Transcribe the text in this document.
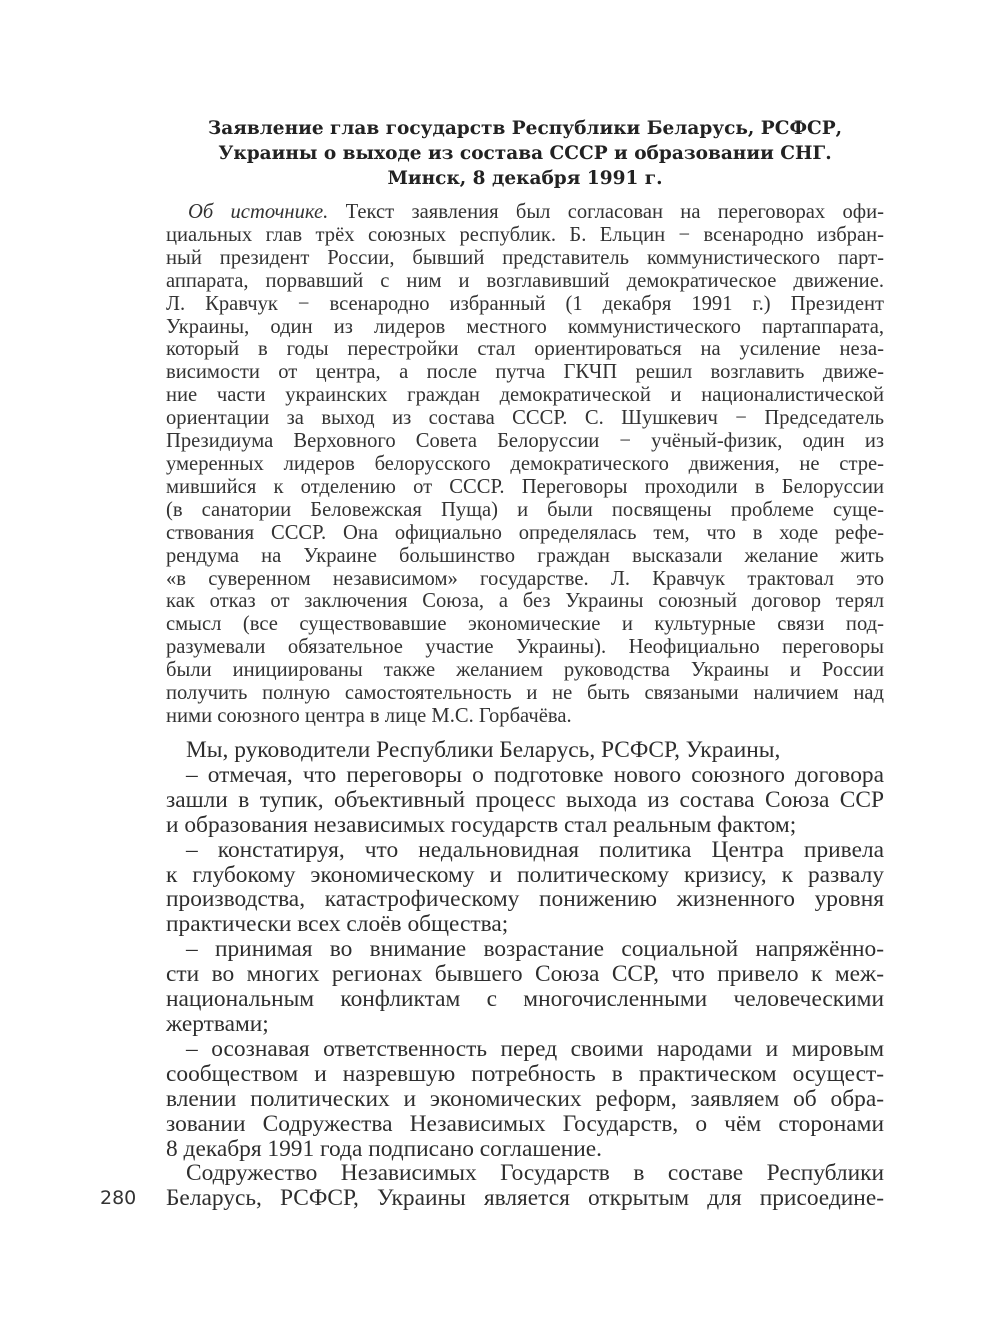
Заявление глав государств Республики Беларусь, РСФСР,
Украины о выходе из состава СССР и образовании СНГ.
Минск, 8 декабря 1991 г.
Об источнике. Текст заявления был согласован на переговорах офи-
циальных глав трёх союзных республик. Б. Ельцин − всенародно избран-
ный президент России, бывший представитель коммунистического парт-
аппарата, порвавший с ним и возглавивший демократическое движение.
Л. Кравчук − всенародно избранный (1 декабря 1991 г.) Президент
Украины, один из лидеров местного коммунистического партаппарата,
который в годы перестройки стал ориентироваться на усиление неза-
висимости от центра, а после путча ГКЧП решил возглавить движе-
ние части украинских граждан демократической и националистической
ориентации за выход из состава СССР. С. Шушкевич − Председатель
Президиума Верховного Совета Белоруссии − учёный-физик, один из
умеренных лидеров белорусского демократического движения, не стре-
мившийся к отделению от СССР. Переговоры проходили в Белоруссии
(в санатории Беловежская Пуща) и были посвящены проблеме суще-
ствования СССР. Она официально определялась тем, что в ходе рефе-
рендума на Украине большинство граждан высказали желание жить
«в суверенном независимом» государстве. Л. Кравчук трактовал это
как отказ от заключения Союза, а без Украины союзный договор терял
смысл (все существовавшие экономические и культурные связи под-
разумевали обязательное участие Украины). Неофициально переговоры
были инициированы также желанием руководства Украины и России
получить полную самостоятельность и не быть связаными наличием над
ними союзного центра в лице М.С. Горбачёва.
Мы, руководители Республики Беларусь, РСФСР, Украины,
– отмечая, что переговоры о подготовке нового союзного договора
зашли в тупик, объективный процесс выхода из состава Союза ССР
и образования независимых государств стал реальным фактом;
– констатируя, что недальновидная политика Центра привела
к глубокому экономическому и политическому кризису, к развалу
производства, катастрофическому понижению жизненного уровня
практически всех слоёв общества;
– принимая во внимание возрастание социальной напряжённо-
сти во многих регионах бывшего Союза ССР, что привело к меж-
национальным конфликтам с многочисленными человеческими
жертвами;
– осознавая ответственность перед своими народами и мировым
сообществом и назревшую потребность в практическом осущест-
влении политических и экономических реформ, заявляем об обра-
зовании Содружества Независимых Государств, о чём сторонами
8 декабря 1991 года подписано соглашение.
Содружество Независимых Государств в составе Республики
Беларусь, РСФСР, Украины является открытым для присоедине-
280
